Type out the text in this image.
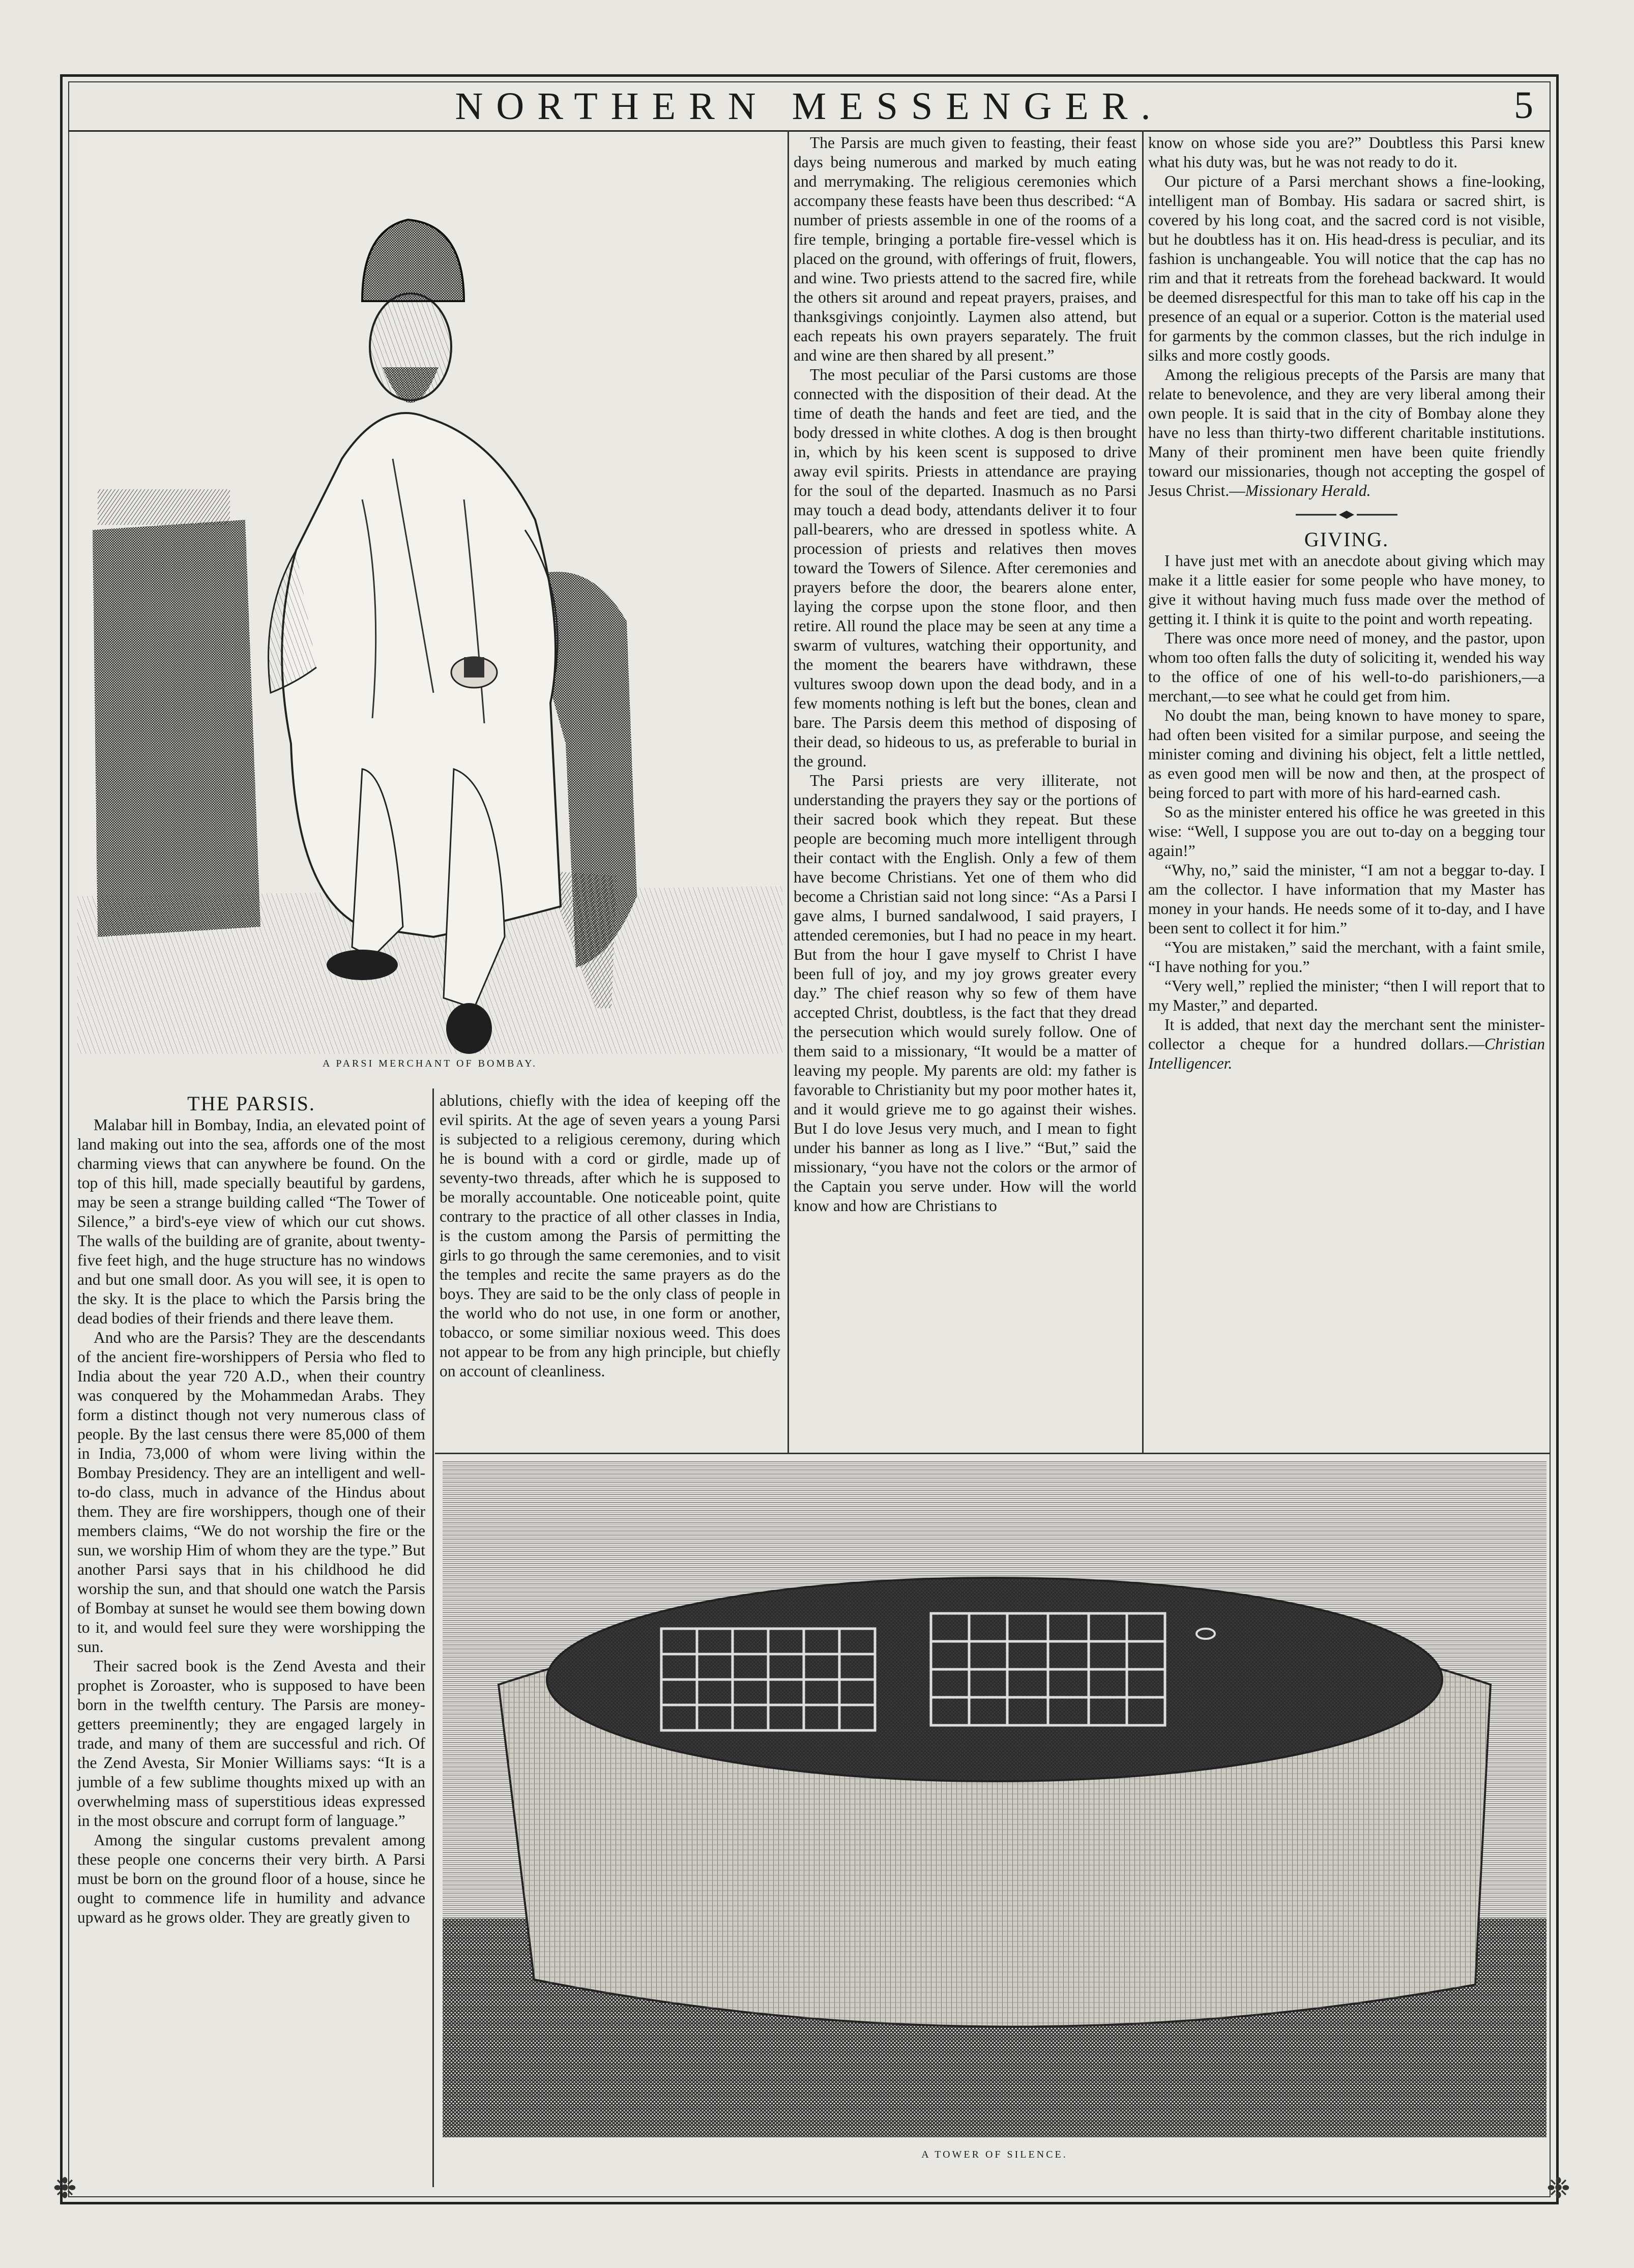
❉	❉
NORTHERN MESSENGER.	5
A PARSI MERCHANT OF BOMBAY.
THE PARSIS.

Malabar hill in Bombay, India, an elevated point of land making out into the sea, affords one of the most charming views that can anywhere be found. On the top of this hill, made specially beautiful by gardens, may be seen a strange building called “The Tower of Silence,” a bird's-eye view of which our cut shows. The walls of the building are of granite, about twenty-five feet high, and the huge structure has no windows and but one small door. As you will see, it is open to the sky. It is the place to which the Parsis bring the dead bodies of their friends and there leave them.

And who are the Parsis? They are the descendants of the ancient fire-worshippers of Persia who fled to India about the year 720 A.D., when their country was conquered by the Mohammedan Arabs. They form a distinct though not very numerous class of people. By the last census there were 85,000 of them in India, 73,000 of whom were living within the Bombay Presidency. They are an intelligent and well-to-do class, much in advance of the Hindus about them. They are fire worshippers, though one of their members claims, “We do not worship the fire or the sun, we worship Him of whom they are the type.” But another Parsi says that in his childhood he did worship the sun, and that should one watch the Parsis of Bombay at sunset he would see them bowing down to it, and would feel sure they were worshipping the sun.

Their sacred book is the Zend Avesta and their prophet is Zoroaster, who is supposed to have been born in the twelfth century. The Parsis are money-getters preeminently; they are engaged largely in trade, and many of them are successful and rich. Of the Zend Avesta, Sir Monier Williams says: “It is a jumble of a few sublime thoughts mixed up with an overwhelming mass of superstitious ideas expressed in the most obscure and corrupt form of language.”

Among the singular customs prevalent among these people one concerns their very birth. A Parsi must be born on the ground floor of a house, since he ought to commence life in humility and advance upward as he grows older. They are greatly given to

ablutions, chiefly with the idea of keeping off the evil spirits. At the age of seven years a young Parsi is subjected to a religious ceremony, during which he is bound with a cord or girdle, made up of seventy-two threads, after which he is supposed to be morally accountable. One noticeable point, quite contrary to the practice of all other classes in India, is the custom among the Parsis of permitting the girls to go through the same ceremonies, and to visit the temples and recite the same prayers as do the boys. They are said to be the only class of people in the world who do not use, in one form or another, tobacco, or some similiar noxious weed. This does not appear to be from any high principle, but chiefly on account of cleanliness.

The Parsis are much given to feasting, their feast days being numerous and marked by much eating and merrymaking. The religious ceremonies which accompany these feasts have been thus described: “A number of priests assemble in one of the rooms of a fire temple, bringing a portable fire-vessel which is placed on the ground, with offerings of fruit, flowers, and wine. Two priests attend to the sacred fire, while the others sit around and repeat prayers, praises, and thanksgivings conjointly. Laymen also attend, but each repeats his own prayers separately. The fruit and wine are then shared by all present.”

The most peculiar of the Parsi customs are those connected with the disposition of their dead. At the time of death the hands and feet are tied, and the body dressed in white clothes. A dog is then brought in, which by his keen scent is supposed to drive away evil spirits. Priests in attendance are praying for the soul of the departed. Inasmuch as no Parsi may touch a dead body, attendants deliver it to four pall-bearers, who are dressed in spotless white. A procession of priests and relatives then moves toward the Towers of Silence. After ceremonies and prayers before the door, the bearers alone enter, laying the corpse upon the stone floor, and then retire. All round the place may be seen at any time a swarm of vultures, watching their opportunity, and the moment the bearers have withdrawn, these vultures swoop down upon the dead body, and in a few moments nothing is left but the bones, clean and bare. The Parsis deem this method of disposing of their dead, so hideous to us, as preferable to burial in the ground.

The Parsi priests are very illiterate, not understanding the prayers they say or the portions of their sacred book which they repeat. But these people are becoming much more intelligent through their contact with the English. Only a few of them have become Christians. Yet one of them who did become a Christian said not long since: “As a Parsi I gave alms, I burned sandalwood, I said prayers, I attended ceremonies, but I had no peace in my heart. But from the hour I gave myself to Christ I have been full of joy, and my joy grows greater every day.” The chief reason why so few of them have accepted Christ, doubtless, is the fact that they dread the persecution which would surely follow. One of them said to a missionary, “It would be a matter of leaving my people. My parents are old: my father is favorable to Christianity but my poor mother hates it, and it would grieve me to go against their wishes. But I do love Jesus very much, and I mean to fight under his banner as long as I live.” “But,” said the missionary, “you have not the colors or the armor of the Captain you serve under. How will the world know and how are Christians to

know on whose side you are?” Doubtless this Parsi knew what his duty was, but he was not ready to do it.

Our picture of a Parsi merchant shows a fine-looking, intelligent man of Bombay. His sadara or sacred shirt, is covered by his long coat, and the sacred cord is not visible, but he doubtless has it on. His head-dress is peculiar, and its fashion is unchangeable. You will notice that the cap has no rim and that it retreats from the forehead backward. It would be deemed disrespectful for this man to take off his cap in the presence of an equal or a superior. Cotton is the material used for garments by the common classes, but the rich indulge in silks and more costly goods.

Among the religious precepts of the Parsis are many that relate to benevolence, and they are very liberal among their own people. It is said that in the city of Bombay alone they have no less than thirty-two different charitable institutions. Many of their prominent men have been quite friendly toward our missionaries, though not accepting the gospel of Jesus Christ.—Missionary Herald.

GIVING.

I have just met with an anecdote about giving which may make it a little easier for some people who have money, to give it without having much fuss made over the method of getting it. I think it is quite to the point and worth repeating.

There was once more need of money, and the pastor, upon whom too often falls the duty of soliciting it, wended his way to the office of one of his well-to-do parishioners,—a merchant,—to see what he could get from him.

No doubt the man, being known to have money to spare, had often been visited for a similar purpose, and seeing the minister coming and divining his object, felt a little nettled, as even good men will be now and then, at the prospect of being forced to part with more of his hard-earned cash.

So as the minister entered his office he was greeted in this wise: “Well, I suppose you are out to-day on a begging tour again!”

“Why, no,” said the minister, “I am not a beggar to-day. I am the collector. I have information that my Master has money in your hands. He needs some of it to-day, and I have been sent to collect it for him.”

“You are mistaken,” said the merchant, with a faint smile, “I have nothing for you.”

“Very well,” replied the minister; “then I will report that to my Master,” and departed.

It is added, that next day the merchant sent the minister-collector a cheque for a hundred dollars.—Christian Intelligencer.

A TOWER OF SILENCE.
